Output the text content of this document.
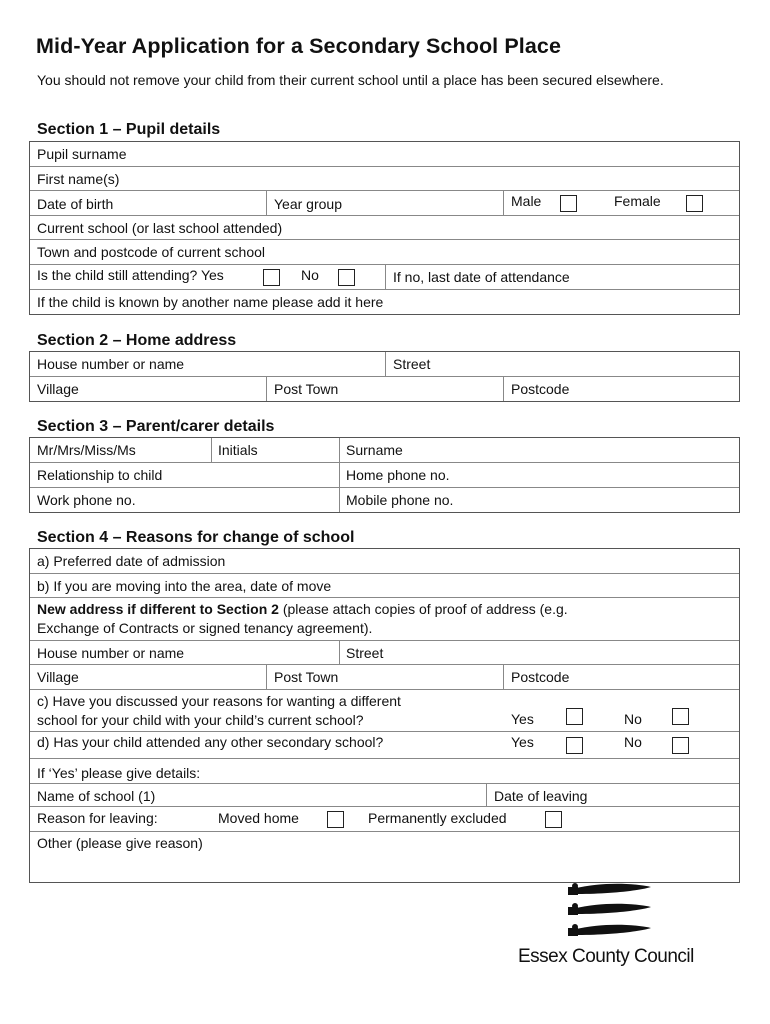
Mid-Year Application for a Secondary School Place

You should not remove your child from their current school until a place has been secured elsewhere.

Section 1 – Pupil details
Pupil surname
First name(s)
Date of birth	Year group	Male	Female
Current school (or last school attended)
Town and postcode of current school
Is the child still attending? Yes	No	If no, last date of attendance
If the child is known by another name please add it here
Section 2 – Home address
House number or name	Street
Village	Post Town	Postcode
Section 3 – Parent/carer details
Mr/Mrs/Miss/Ms	Initials	Surname
Relationship to child	Home phone no.
Work phone no.	Mobile phone no.
Section 4 – Reasons for change of school
a) Preferred date of admission
b) If you are moving into the area, date of move
New address if different to Section 2 (please attach copies of proof of address (e.g.
Exchange of Contracts or signed tenancy agreement).
House number or name	Street
Village	Post Town	Postcode
c) Have you discussed your reasons for wanting a different
school for your child with your child’s current school?	Yes	No
d) Has your child attended any other secondary school?	Yes	No
If ‘Yes’ please give details:
Name of school (1)	Date of leaving
Reason for leaving:	Moved home	Permanently excluded
Other (please give reason)
Essex County Council
